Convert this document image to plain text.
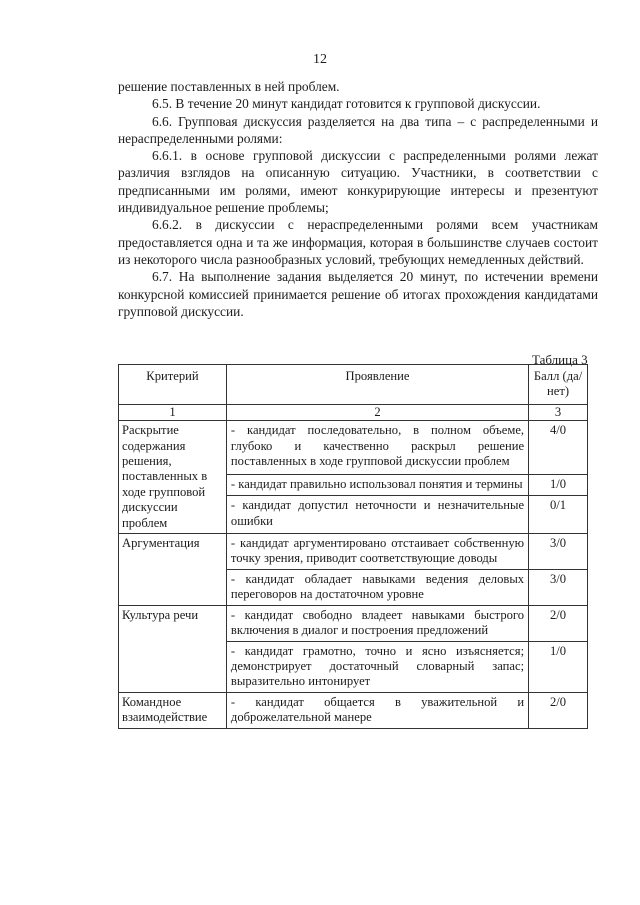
12

решение поставленных в ней проблем.

6.5. В течение 20 минут кандидат готовится к групповой дискуссии.

6.6. Групповая дискуссия разделяется на два типа – с распределенными и нераспределенными ролями:

6.6.1. в основе групповой дискуссии с распределенными ролями лежат различия взглядов на описанную ситуацию. Участники, в соответствии с предписанными им ролями, имеют конкурирующие интересы и презентуют индивидуальное решение проблемы;

6.6.2. в дискуссии с нераспределенными ролями всем участникам предоставляется одна и та же информация, которая в большинстве случаев состоит из некоторого числа разнообразных условий, требующих немедленных действий.

6.7. На выполнение задания выделяется 20 минут, по истечении времени конкурсной комиссией принимается решение об итогах прохождения кандидатами групповой дискуссии.

Таблица 3
Критерий	Проявление	Балл (да/нет)
1	2	3
Раскрытие содержания решения, поставленных в ходе групповой дискуссии проблем	- кандидат последовательно, в полном объеме, глубоко и качественно раскрыл решение поставленных в ходе групповой дискуссии проблем	4/0
	- кандидат правильно использовал понятия и термины	1/0
	- кандидат допустил неточности и незначительные ошибки	0/1
Аргументация	- кандидат аргументировано отстаивает собственную точку зрения, приводит соответствующие доводы	3/0
	- кандидат обладает навыками ведения деловых переговоров на достаточном уровне	3/0
Культура речи	- кандидат свободно владеет навыками быстрого включения в диалог и построения предложений	2/0
	- кандидат грамотно, точно и ясно изъясняется; демонстрирует достаточный словарный запас; выразительно интонирует	1/0
Командное взаимодействие	- кандидат общается в уважительной и доброжелательной манере	2/0
